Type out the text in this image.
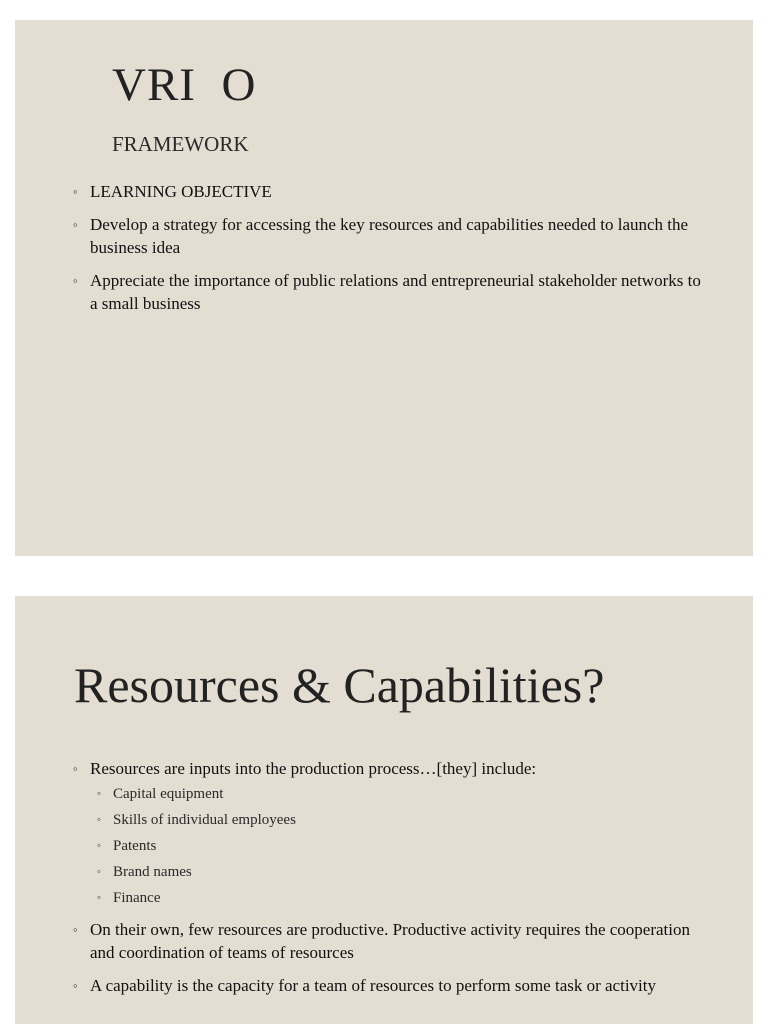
VRI  O
FRAMEWORK
◦ LEARNING OBJECTIVE
◦ Develop a strategy for accessing the key resources and capabilities needed to launch the business idea
◦ Appreciate the importance of public relations and entrepreneurial stakeholder networks to a small business
Resources & Capabilities?
◦ Resources are inputs into the production process…[they] include:
◦ Capital equipment
◦ Skills of individual employees
◦ Patents
◦ Brand names
◦ Finance
◦ On their own, few resources are productive. Productive activity requires the cooperation and coordination of teams of resources
◦ A capability is the capacity for a team of resources to perform some task or activity
